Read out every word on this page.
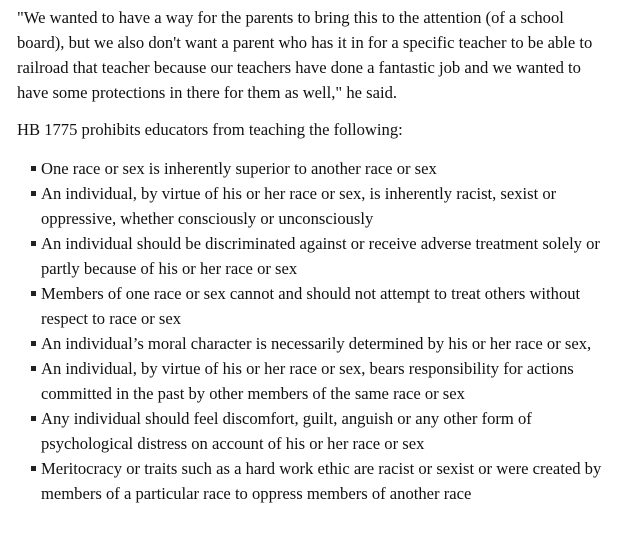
"We wanted to have a way for the parents to bring this to the attention (of a school board), but we also don't want a parent who has it in for a specific teacher to be able to railroad that teacher because our teachers have done a fantastic job and we wanted to have some protections in there for them as well," he said.

HB 1775 prohibits educators from teaching the following:

One race or sex is inherently superior to another race or sex
An individual, by virtue of his or her race or sex, is inherently racist, sexist or oppressive, whether consciously or unconsciously
An individual should be discriminated against or receive adverse treatment solely or partly because of his or her race or sex
Members of one race or sex cannot and should not attempt to treat others without respect to race or sex
An individual’s moral character is necessarily determined by his or her race or sex,
An individual, by virtue of his or her race or sex, bears responsibility for actions committed in the past by other members of the same race or sex
Any individual should feel discomfort, guilt, anguish or any other form of psychological distress on account of his or her race or sex
Meritocracy or traits such as a hard work ethic are racist or sexist or were created by members of a particular race to oppress members of another race
